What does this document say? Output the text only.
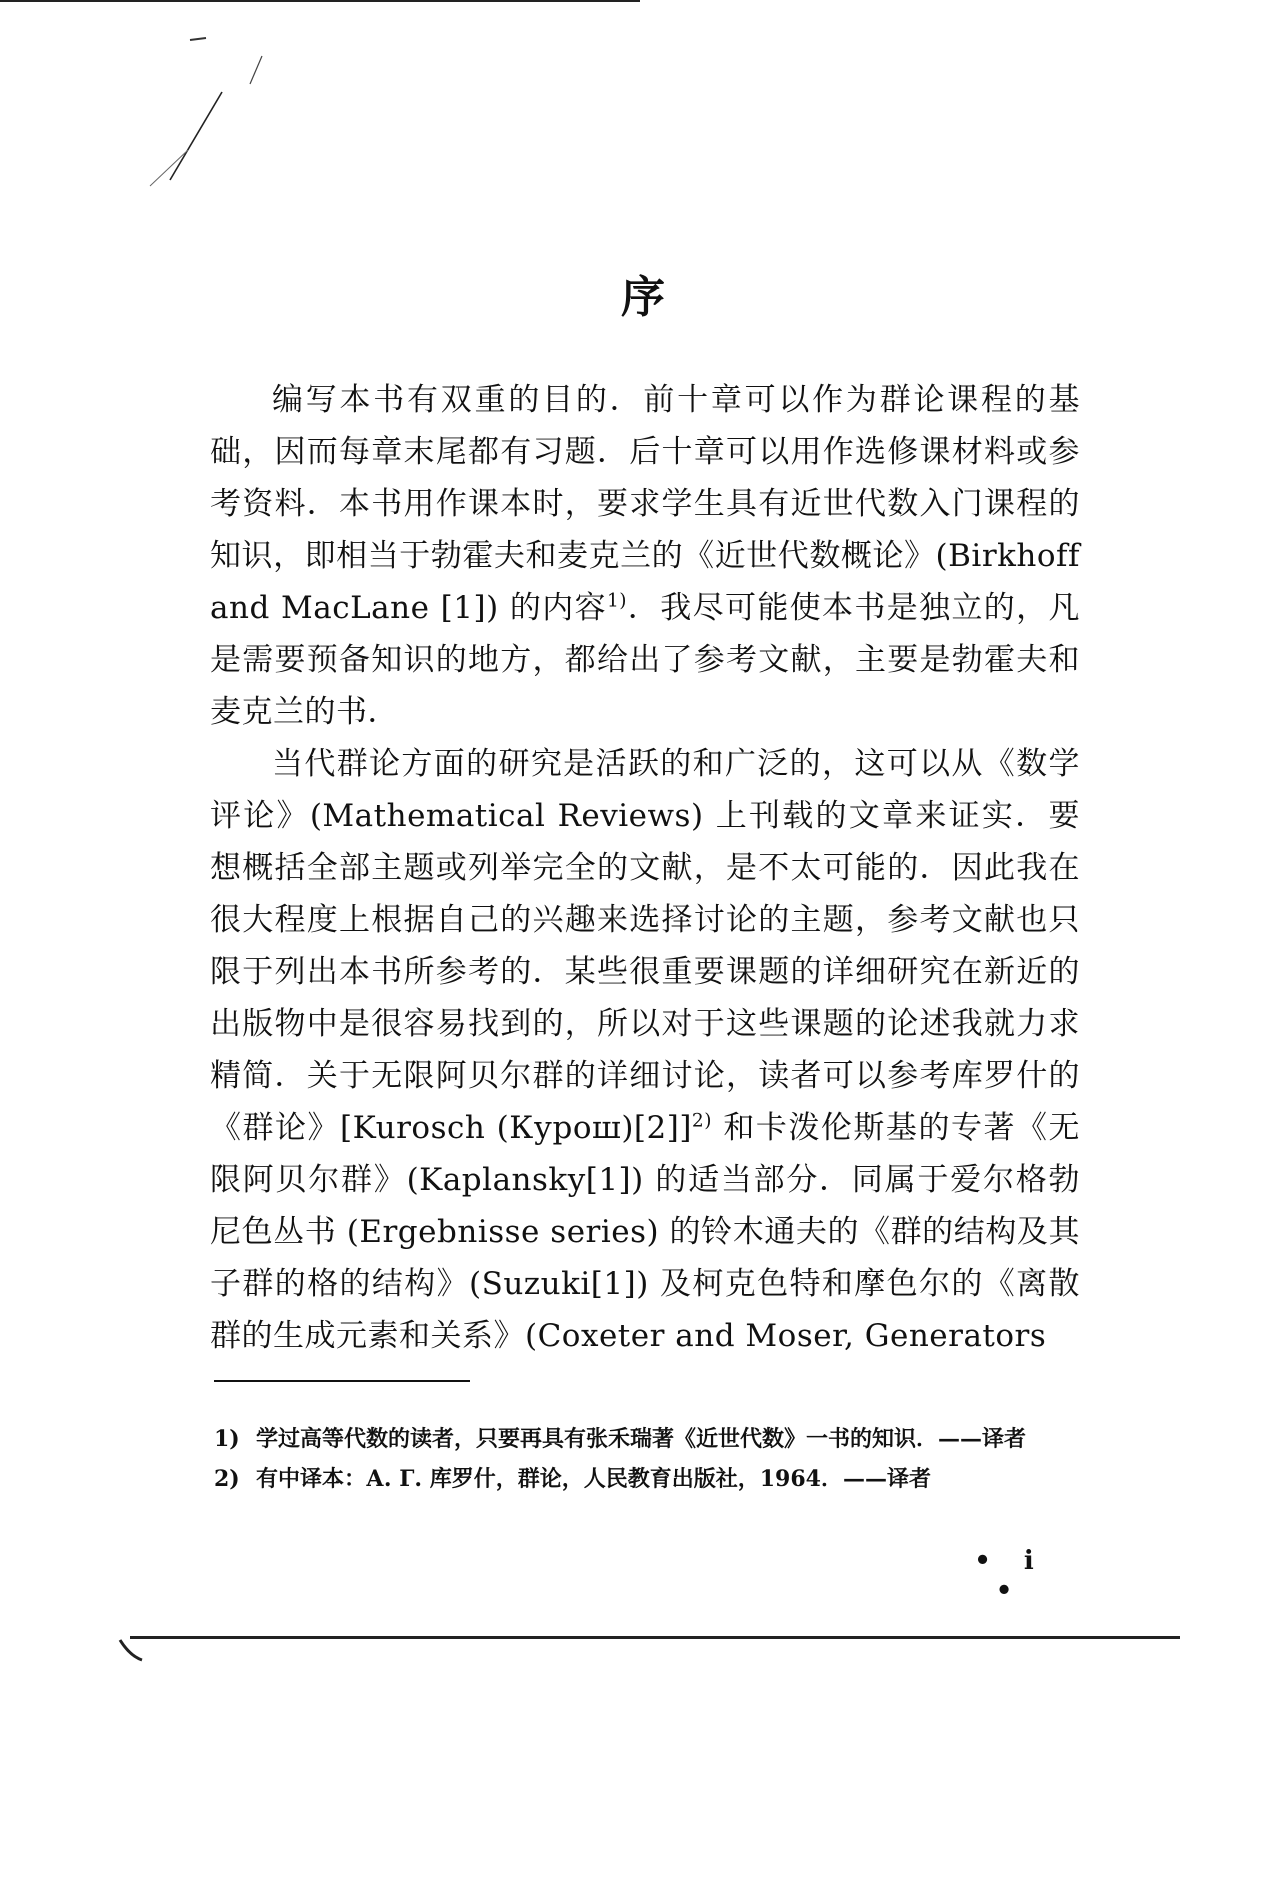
序

编写本书有双重的目的．前十章可以作为群论课程的基础，因而每章末尾都有习题．后十章可以用作选修课材料或参考资料．本书用作课本时，要求学生具有近世代数入门课程的知识，即相当于勃霍夫和麦克兰的《近世代数概论》(Birkhoff and MacLane [1]) 的内容$^{1)}$．我尽可能使本书是独立的，凡是需要预备知识的地方，都给出了参考文献，主要是勃霍夫和麦克兰的书．

当代群论方面的研究是活跃的和广泛的，这可以从《数学评论》(Mathematical Reviews) 上刊载的文章来证实．要想概括全部主题或列举完全的文献，是不太可能的．因此我在很大程度上根据自己的兴趣来选择讨论的主题，参考文献也只限于列出本书所参考的．某些很重要课题的详细研究在新近的出版物中是很容易找到的，所以对于这些课题的论述我就力求精简．关于无限阿贝尔群的详细讨论，读者可以参考库罗什的《群论》[Kurosch (Курош)[2]]$^{2)}$ 和卡泼伦斯基的专著《无限阿贝尔群》(Kaplansky[1]) 的适当部分．同属于爱尔格勃尼色丛书 (Ergebnisse series) 的铃木通夫的《群的结构及其子群的格的结构》(Suzuki[1]) 及柯克色特和摩色尔的《离散群的生成元素和关系》(Coxeter and Moser, Generators

1) 学过高等代数的读者，只要再具有张禾瑞著《近世代数》一书的知识．——译者

2) 有中译本：А. Г. 库罗什，群论，人民教育出版社，1964．——译者

• i •
